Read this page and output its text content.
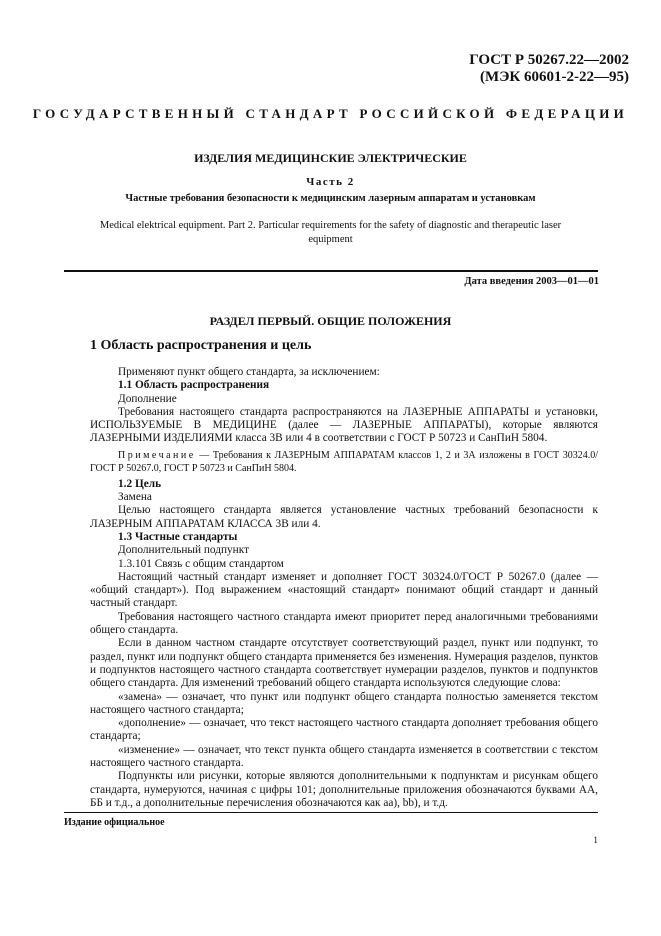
ГОСТ Р 50267.22—2002
(МЭК 60601-2-22—95)
ГОСУДАРСТВЕННЫЙ СТАНДАРТ РОССИЙСКОЙ ФЕДЕРАЦИИ
ИЗДЕЛИЯ МЕДИЦИНСКИЕ ЭЛЕКТРИЧЕСКИЕ
Часть 2
Частные требования безопасности к медицинским лазерным аппаратам и установкам
Medical elektrical equipment. Part 2. Particular requirements for the safety of diagnostic and therapeutic laser equipment
Дата введения 2003—01—01
РАЗДЕЛ ПЕРВЫЙ. ОБЩИЕ ПОЛОЖЕНИЯ
1 Область распространения и цель

Применяют пункт общего стандарта, за исключением:

1.1 Область распространения

Дополнение

Требования настоящего стандарта распространяются на ЛАЗЕРНЫЕ АППАРАТЫ и установки, ИСПОЛЬЗУЕМЫЕ В МЕДИЦИНЕ (далее — ЛАЗЕРНЫЕ АППАРАТЫ), которые являются ЛАЗЕРНЫМИ ИЗДЕЛИЯМИ класса 3В или 4 в соответствии с ГОСТ Р 50723 и СанПиН 5804.

Примечание — Требования к ЛАЗЕРНЫМ АППАРАТАМ классов 1, 2 и 3А изложены в ГОСТ 30324.0/ГОСТ Р 50267.0, ГОСТ Р 50723 и СанПиН 5804.

1.2 Цель

Замена

Целью настоящего стандарта является установление частных требований безопасности к ЛАЗЕРНЫМ АППАРАТАМ КЛАССА 3В или 4.

1.3 Частные стандарты

Дополнительный подпункт

1.3.101 Связь с общим стандартом

Настоящий частный стандарт изменяет и дополняет ГОСТ 30324.0/ГОСТ Р 50267.0 (далее — «общий стандарт»). Под выражением «настоящий стандарт» понимают общий стандарт и данный частный стандарт.

Требования настоящего частного стандарта имеют приоритет перед аналогичными требованиями общего стандарта.

Если в данном частном стандарте отсутствует соответствующий раздел, пункт или подпункт, то раздел, пункт или подпункт общего стандарта применяется без изменения. Нумерация разделов, пунктов и подпунктов настоящего частного стандарта соответствует нумерации разделов, пунктов и подпунктов общего стандарта. Для изменений требований общего стандарта используются следующие слова:

«замена» — означает, что пункт или подпункт общего стандарта полностью заменяется текстом настоящего частного стандарта;

«дополнение» — означает, что текст настоящего частного стандарта дополняет требования общего стандарта;

«изменение» — означает, что текст пункта общего стандарта изменяется в соответствии с текстом настоящего частного стандарта.

Подпункты или рисунки, которые являются дополнительными к подпунктам и рисункам общего стандарта, нумеруются, начиная с цифры 101; дополнительные приложения обозначаются буквами АА, ББ и т.д., а дополнительные перечисления обозначаются как аа), bb), и т.д.

Издание официальное
1
